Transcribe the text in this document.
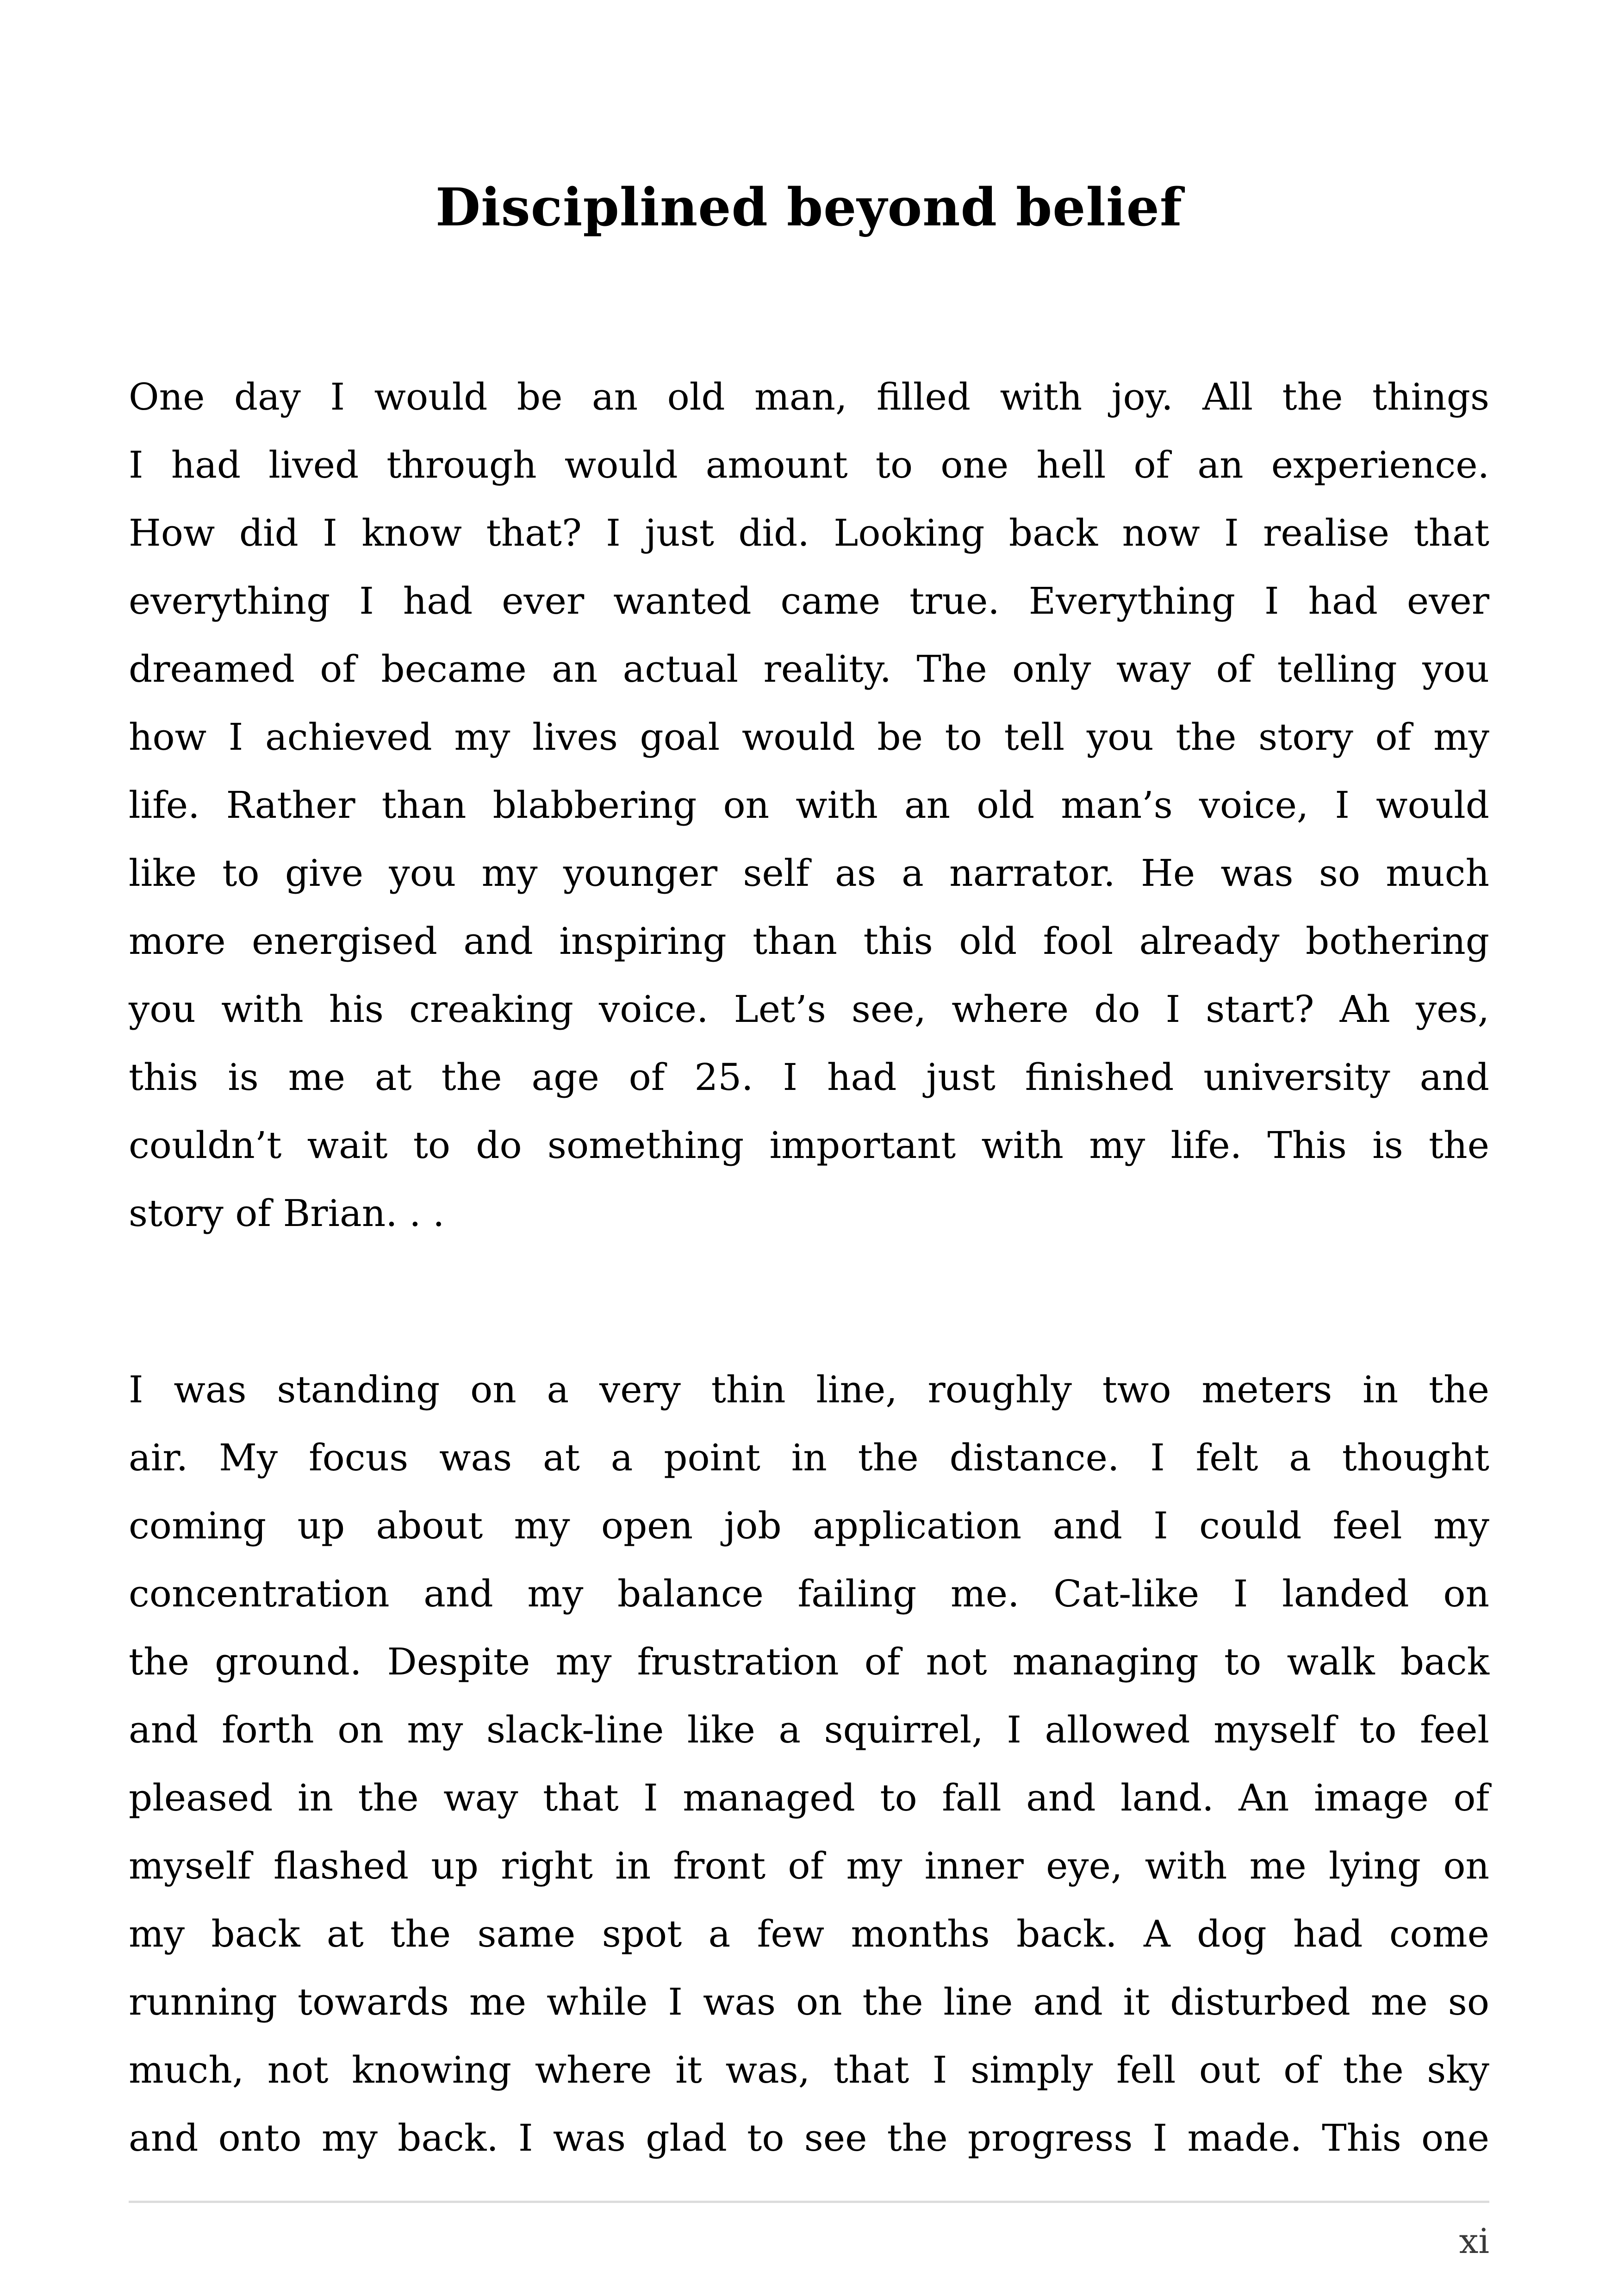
Disciplined beyond belief
One day I would be an old man, filled with joy. All the things
I had lived through would amount to one hell of an experience.
How did I know that? I just did. Looking back now I realise that
everything I had ever wanted came true. Everything I had ever
dreamed of became an actual reality. The only way of telling you
how I achieved my lives goal would be to tell you the story of my
life. Rather than blabbering on with an old man’s voice, I would
like to give you my younger self as a narrator. He was so much
more energised and inspiring than this old fool already bothering
you with his creaking voice. Let’s see, where do I start? Ah yes,
this is me at the age of 25. I had just finished university and
couldn’t wait to do something important with my life. This is the
story of Brian. . .
I was standing on a very thin line, roughly two meters in the
air. My focus was at a point in the distance. I felt a thought
coming up about my open job application and I could feel my
concentration and my balance failing me. Cat-like I landed on
the ground. Despite my frustration of not managing to walk back
and forth on my slack-line like a squirrel, I allowed myself to feel
pleased in the way that I managed to fall and land. An image of
myself flashed up right in front of my inner eye, with me lying on
my back at the same spot a few months back. A dog had come
running towards me while I was on the line and it disturbed me so
much, not knowing where it was, that I simply fell out of the sky
and onto my back. I was glad to see the progress I made. This one
xi
